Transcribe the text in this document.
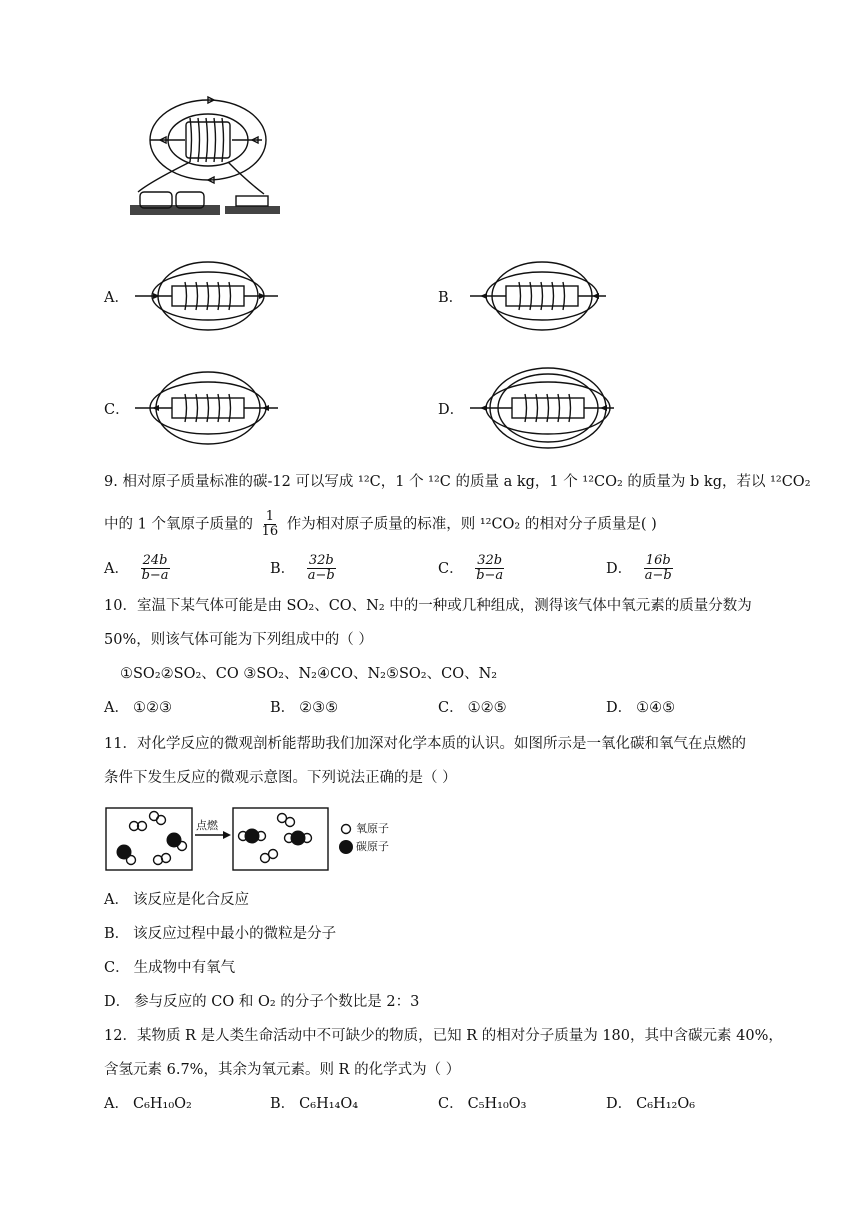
A．	B．
C．	D．
9. 相对原子质量标准的碳-12 可以写成 ¹²C，1 个 ¹²C 的质量 a kg，1 个 ¹²CO₂ 的质量为 b kg，若以 ¹²CO₂
中的 1 个氧原子质量的 $\frac{1}{16}$ 作为相对原子质量的标准，则 ¹²CO₂ 的相对分子质量是( )
A． $\frac{24b}{b-a}$	B． $\frac{32b}{a-b}$	C． $\frac{32b}{b-a}$	D． $\frac{16b}{a-b}$
10．室温下某气体可能是由 SO₂、CO、N₂ 中的一种或几种组成，测得该气体中氧元素的质量分数为
50%，则该气体可能为下列组成中的（ ）
①SO₂②SO₂、CO ③SO₂、N₂④CO、N₂⑤SO₂、CO、N₂
A． ①②③	B． ②③⑤	C． ①②⑤	D． ①④⑤
11．对化学反应的微观剖析能帮助我们加深对化学本质的认识。如图所示是一氧化碳和氧气在点燃的
条件下发生反应的微观示意图。下列说法正确的是（ ）
点燃	氧原子
碳原子
A． 该反应是化合反应
B． 该反应过程中最小的微粒是分子
C． 生成物中有氧气
D． 参与反应的 CO 和 O₂ 的分子个数比是 2：3
12．某物质 R 是人类生命活动中不可缺少的物质，已知 R 的相对分子质量为 180，其中含碳元素 40%，
含氢元素 6.7%，其余为氧元素。则 R 的化学式为（ ）
A． C₆H₁₀O₂	B． C₆H₁₄O₄	C． C₅H₁₀O₃	D． C₆H₁₂O₆
